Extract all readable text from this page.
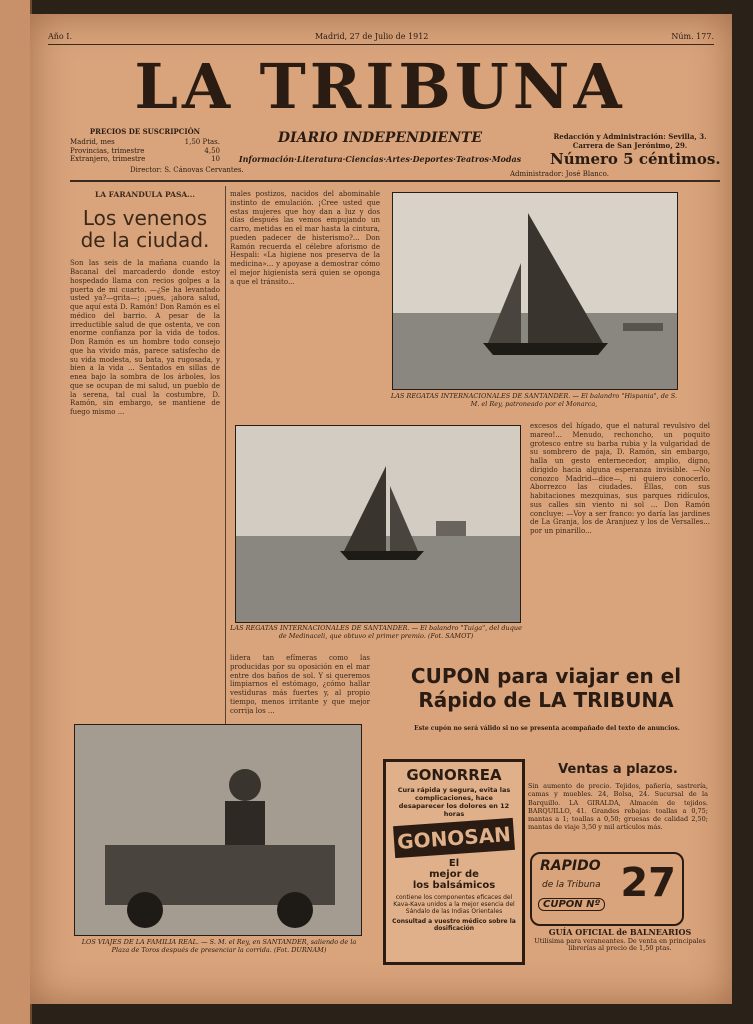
Año I.	Madrid, 27 de Julio de 1912	Núm. 177.
LA TRIBUNA
PRECIOS DE SUSCRIPCIÓN
Madrid, mes	1,50 Ptas.
Provincias, trimestre	4,50
Extranjero, trimestre	10
DIARIO INDEPENDIENTE
Información·Literatura·Ciencias·Artes·Deportes·Teatros·Modas
Director: S. Cánovas Cervantes.
Redacción y Administración: Sevilla, 3. Carrera de San Jerónimo, 29.
Número 5 céntimos.
Administrador: José Blanco.
LA FARANDULA PASA...
Los venenos de la ciudad.
Son las seis de la mañana cuando la Bacanal del marcaderdo donde estoy hospedado llama con recios golpes a la puerta de mi cuarto. —¿Se ha levantado usted ya?—grita—; ¡pues, ¡ahora salud, que aquí está D. Ramón! Don Ramón es el médico del barrio. A pesar de la irreductible salud de que ostenta, ve con enorme confianza por la vida de todos. Don Ramón es un hombre todo consejo que ha vivido más, parece satisfecho de su vida modesta, su bata, ya rugosada, y bien a la vida ... Sentados en sillas de enea bajo la sombra de los árboles, los que se ocupan de mi salud, un pueblo de la serena, tal cual la costumbre, D. Ramón, sin embargo, se mantiene de fuego mismo ...
males postizos, nacidos del abominable instinto de emulación. ¡Cree usted que estas mujeres que hoy dan a luz y dos días después las vemos empujando un carro, metidas en el mar hasta la cintura, pueden padecer de histerismo?... Don Ramón recuerda el célebre aforismo de Hespali: «La higiene nos preserva de la medicina»... y apoyase a demostrar cómo el mejor higienista será quien se oponga a que el tránsito...
LAS REGATAS INTERNACIONALES DE SANTANDER. — El balandro "Hispania", de S. M. el Rey, patroneado por el Monarca,
LAS REGATAS INTERNACIONALES DE SANTANDER. — El balandro "Tuiga", del duque de Medinaceli, que obtuvo el primer premio. (Fot. SAMOT)
excesos del hígado, que el natural revulsivo del mareo!... Menudo, rechoncho, un poquito grotesco entre su barba rubia y la vulgaridad de su sombrero de paja, D. Ramón, sin embargo, halla un gesto enternecedor, amplio, digno, dirigido hacia alguna esperanza invisible. —No conozco Madrid—dice—, ni quiero conocerlo. Aborrezco las ciudades. Ellas, con sus habitaciones mezquinas, sus parques ridículos, sus calles sin viento ni sol ... Don Ramón concluye: —Voy a ser franco: yo daría las jardines de La Granja, los de Aranjuez y los de Versalles... por un pinarillo...
lidera tan efímeras como las producidas por su oposición en el mar entre dos baños de sol. Y si queremos limpiarnos el estómago, ¿cómo hallar vestiduras más fuertes y, al propio tiempo, menos irritante y que mejor corrija los ...
CUPON para viajar en el
Rápido de LA TRIBUNA
Este cupón no será válido si no se presenta acompañado del texto de anuncios.
LOS VIAJES DE LA FAMILIA REAL. — S. M. el Rey, en SANTANDER, saliendo de la Plaza de Toros después de presenciar la corrida. (Fot. DURNAM)
GONORREA
Cura rápida y segura, evita las complicaciones, hace desaparecer los dolores en 12 horas
GONOSAN
El
mejor de
los balsámicos
contiene los componentes eficaces del Kava-Kava unidos a la mejor esencia del Sándalo de las Indias Orientales
Consultad a vuestro médico sobre la dosificación
Ventas a plazos.
Sin aumento de precio. Tejidos, pañería, sastrería, camas y muebles. 24, Bolsa, 24. Sucursal de la Barquillo. LA GIRALDA, Almacén de tejidos. BARQUILLO, 41. Grandes rebajas: toallas a 0,75; mantas a 1; toallas a 0,50; gruesas de calidad 2,50; mantas de viaje 3,50 y mil artículos más.
RAPIDO
de la Tribuna
CUPON Nº 27
GUÍA OFICIAL de BALNEARIOS
Utilísima para veraneantes. De venta en principales librerías al precio de 1,50 ptas.
